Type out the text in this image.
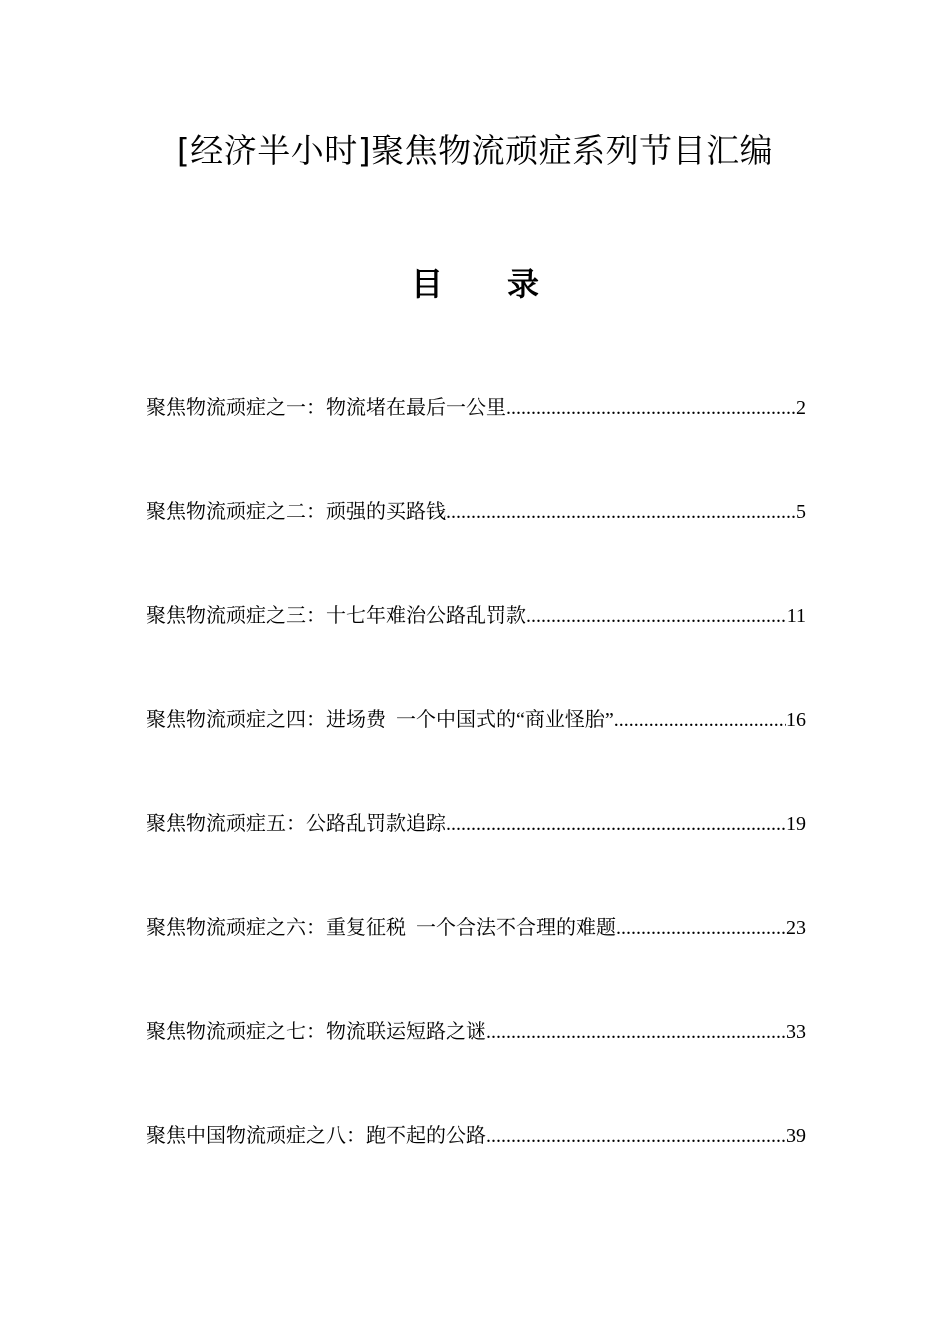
[经济半小时]聚焦物流顽症系列节目汇编
目 录
聚焦物流顽症之一：物流堵在最后一公里 .....	2
聚焦物流顽症之二：顽强的买路钱 .....	5
聚焦物流顽症之三：十七年难治公路乱罚款 .....	11
聚焦物流顽症之四：进场费  一个中国式的“商业怪胎” .....	16
聚焦物流顽症五：公路乱罚款追踪 .....	19
聚焦物流顽症之六：重复征税  一个合法不合理的难题 .....	23
聚焦物流顽症之七：物流联运短路之谜 .....	33
聚焦中国物流顽症之八：跑不起的公路 .....	39
